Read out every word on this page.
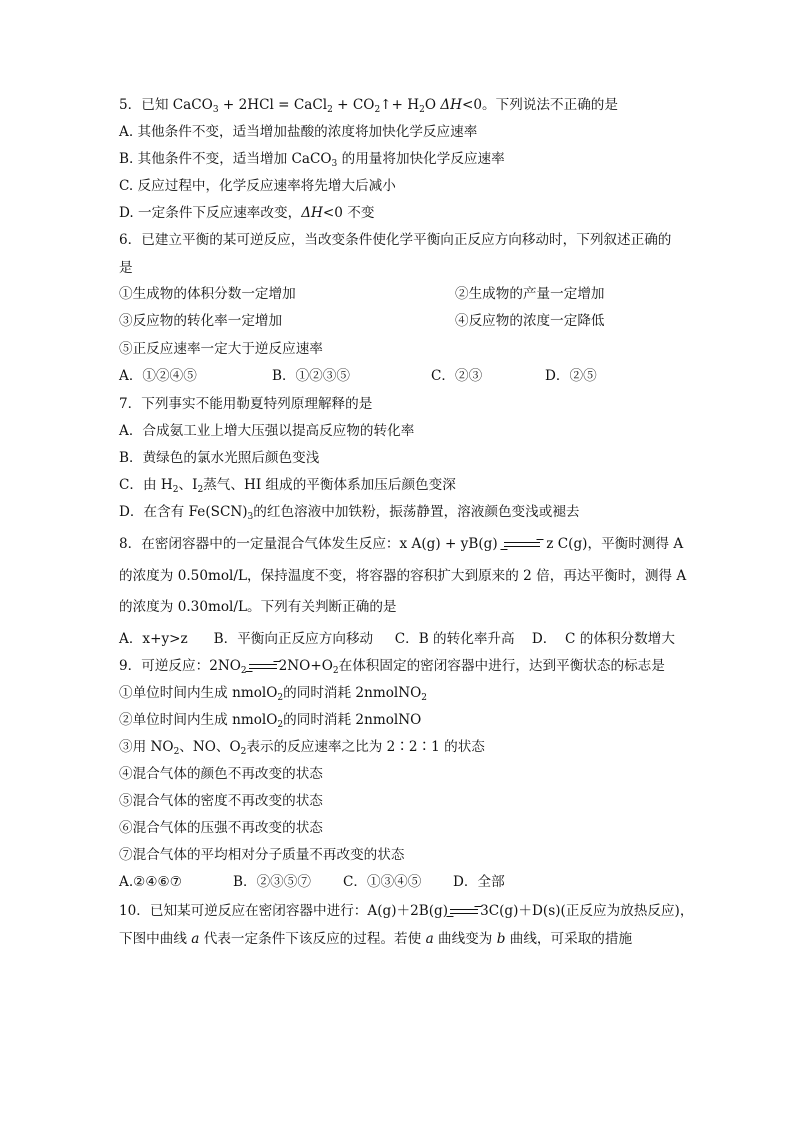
5．已知 CaCO$_3$ + 2HCl = CaCl$_2$ + $CO_2↑+ H_2O$ ΔH<0。下列说法不正确的是
A. 其他条件不变，适当增加盐酸的浓度将加快化学反应速率
B. 其他条件不变，适当增加 CaCO$_3$ 的用量将加快化学反应速率
C. 反应过程中，化学反应速率将先增大后减小
D. 一定条件下反应速率改变，ΔH<0 不变
6．已建立平衡的某可逆反应，当改变条件使化学平衡向正反应方向移动时，下列叙述正确的是
①生成物的体积分数一定增加	②生成物的产量一定增加
③反应物的转化率一定增加	④反应物的浓度一定降低
⑤正反应速率一定大于逆反应速率
A．①②④⑤	B．①②③⑤	C．②③	D．②⑤
7．下列事实不能用勒夏特列原理解释的是
A．合成氨工业上增大压强以提高反应物的转化率
B．黄绿色的氯水光照后颜色变浅
C．由 $H_2$、$I_2$蒸气、HI 组成的平衡体系加压后颜色变深
D．在含有 $Fe(SCN)_3$的红色溶液中加铁粉，振荡静置，溶液颜色变浅或褪去
8．在密闭容器中的一定量混合气体发生反应：x A(g) + yB(g) → z C(g)，平衡时测得 A
的浓度为 0.50mol/L，保持温度不变，将容器的容积扩大到原来的 2 倍，再达平衡时，测得 A
的浓度为 0.30mol/L。下列有关判断正确的是
A．x+y>z      B．平衡向正反应方向移动     C．B 的转化率升高    D．  C 的体积分数增大
9．可逆反应：$2NO_2 \to 2NO+O_2$在体积固定的密闭容器中进行，达到平衡状态的标志是
①单位时间内生成 nmolO$_2$的同时消耗 2nmolNO$_2$
②单位时间内生成 nmolO$_2$的同时消耗 2nmolNO
③用 $NO_2$、NO、$O_2$表示的反应速率之比为 2∶2∶1 的状态
④混合气体的颜色不再改变的状态
⑤混合气体的密度不再改变的状态
⑥混合气体的压强不再改变的状态
⑦混合气体的平均相对分子质量不再改变的状态
A.②④⑥⑦	B．②③⑤⑦ C．①③④⑤ D．全部
10．已知某可逆反应在密闭容器中进行：A(g)＋2B(g) → 3C(g)＋D(s)(正反应为放热反应)，
下图中曲线 a 代表一定条件下该反应的过程。若使 a 曲线变为 b 曲线，可采取的措施
